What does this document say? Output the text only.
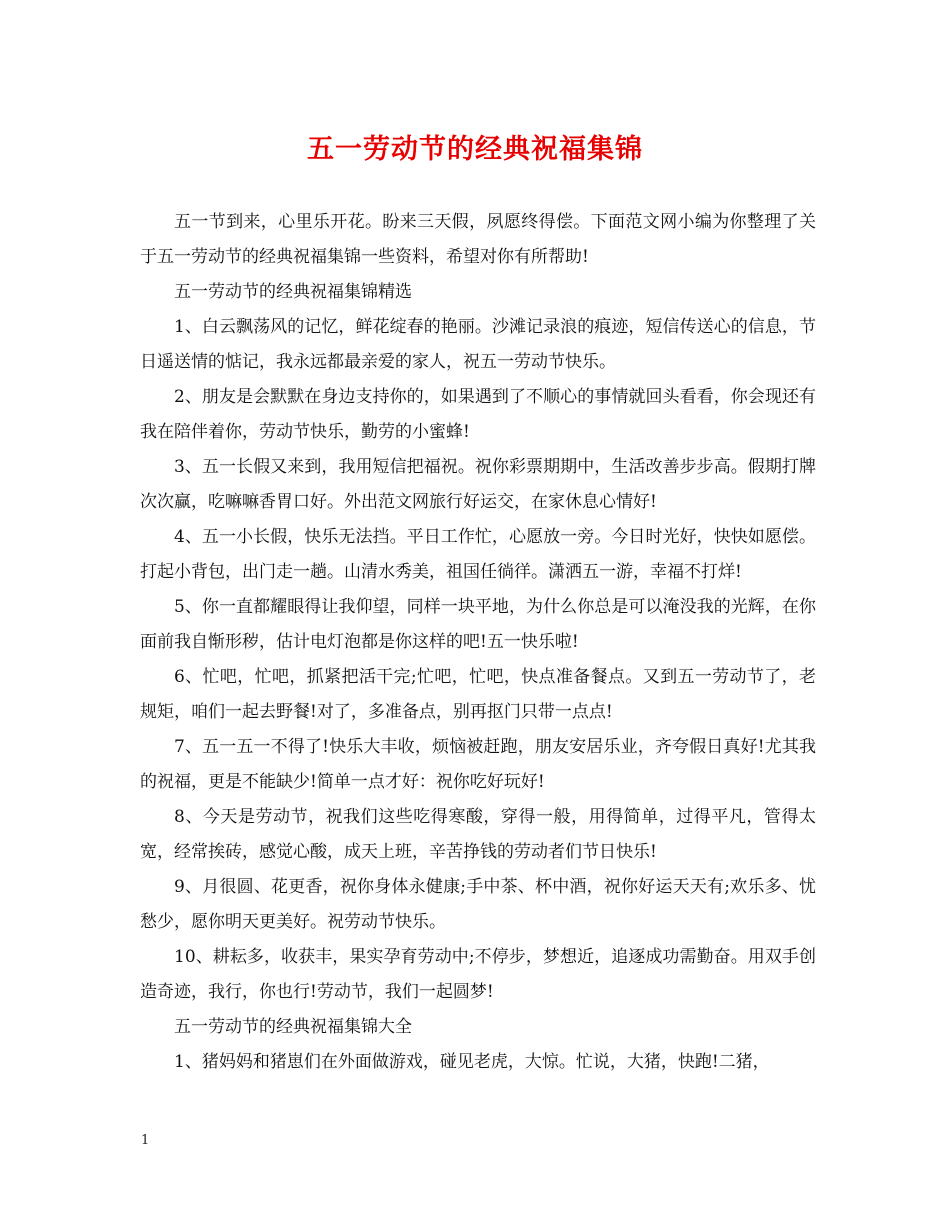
五一劳动节的经典祝福集锦

五一节到来，心里乐开花。盼来三天假，夙愿终得偿。下面范文网小编为你整理了关于五一劳动节的经典祝福集锦一些资料，希望对你有所帮助!

五一劳动节的经典祝福集锦精选

1、白云飘荡风的记忆，鲜花绽春的艳丽。沙滩记录浪的痕迹，短信传送心的信息，节日遥送情的惦记，我永远都最亲爱的家人，祝五一劳动节快乐。

2、朋友是会默默在身边支持你的，如果遇到了不顺心的事情就回头看看，你会现还有我在陪伴着你，劳动节快乐，勤劳的小蜜蜂!

3、五一长假又来到，我用短信把福祝。祝你彩票期期中，生活改善步步高。假期打牌次次赢，吃嘛嘛香胃口好。外出范文网旅行好运交，在家休息心情好!

4、五一小长假，快乐无法挡。平日工作忙，心愿放一旁。今日时光好，快快如愿偿。打起小背包，出门走一趟。山清水秀美，祖国任徜徉。潇洒五一游，幸福不打烊!

5、你一直都耀眼得让我仰望，同样一块平地，为什么你总是可以淹没我的光辉，在你面前我自惭形秽，估计电灯泡都是你这样的吧!五一快乐啦!

6、忙吧，忙吧，抓紧把活干完;忙吧，忙吧，快点准备餐点。又到五一劳动节了，老规矩，咱们一起去野餐!对了，多准备点，别再抠门只带一点点!

7、五一五一不得了!快乐大丰收，烦恼被赶跑，朋友安居乐业，齐夸假日真好!尤其我的祝福，更是不能缺少!简单一点才好：祝你吃好玩好!

8、今天是劳动节，祝我们这些吃得寒酸，穿得一般，用得简单，过得平凡，管得太宽，经常挨砖，感觉心酸，成天上班，辛苦挣钱的劳动者们节日快乐!

9、月很圆、花更香，祝你身体永健康;手中茶、杯中酒，祝你好运天天有;欢乐多、忧愁少，愿你明天更美好。祝劳动节快乐。

10、耕耘多，收获丰，果实孕育劳动中;不停步，梦想近，追逐成功需勤奋。用双手创造奇迹，我行，你也行!劳动节，我们一起圆梦!

五一劳动节的经典祝福集锦大全

1、猪妈妈和猪崽们在外面做游戏，碰见老虎，大惊。忙说，大猪，快跑!二猪，

1
